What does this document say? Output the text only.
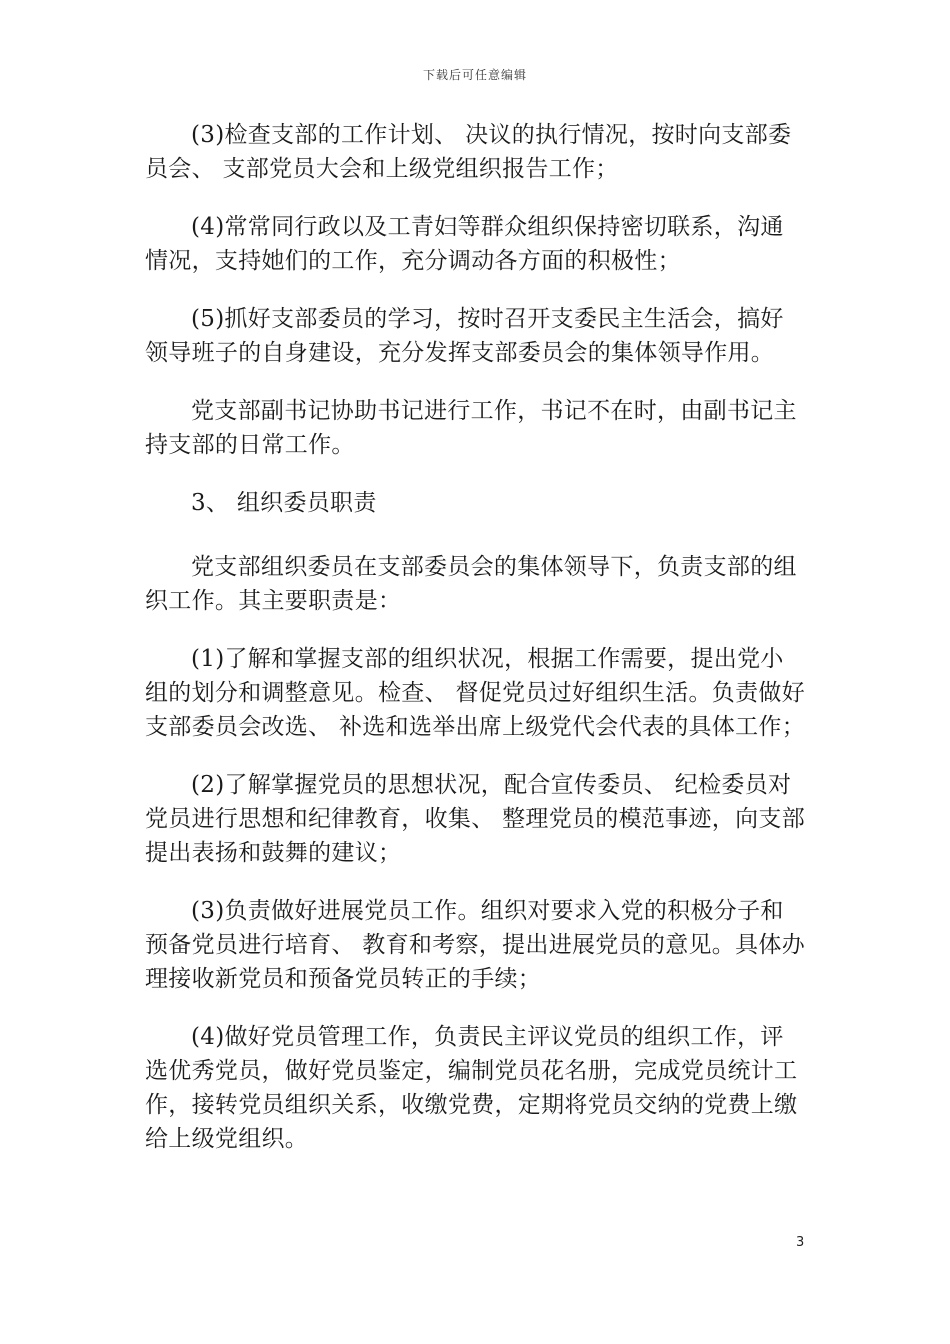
下载后可任意编辑

(3)检查支部的工作计划、 决议的执行情况，按时向支部委员会、 支部党员大会和上级党组织报告工作；

(4)常常同行政以及工青妇等群众组织保持密切联系，沟通情况，支持她们的工作，充分调动各方面的积极性；

(5)抓好支部委员的学习，按时召开支委民主生活会，搞好领导班子的自身建设，充分发挥支部委员会的集体领导作用。

党支部副书记协助书记进行工作，书记不在时，由副书记主持支部的日常工作。

3、 组织委员职责

党支部组织委员在支部委员会的集体领导下，负责支部的组织工作。其主要职责是：

(1)了解和掌握支部的组织状况，根据工作需要，提出党小组的划分和调整意见。检查、 督促党员过好组织生活。负责做好支部委员会改选、 补选和选举出席上级党代会代表的具体工作；

(2)了解掌握党员的思想状况，配合宣传委员、 纪检委员对党员进行思想和纪律教育，收集、 整理党员的模范事迹，向支部提出表扬和鼓舞的建议；

(3)负责做好进展党员工作。组织对要求入党的积极分子和预备党员进行培育、 教育和考察，提出进展党员的意见。具体办理接收新党员和预备党员转正的手续；

(4)做好党员管理工作，负责民主评议党员的组织工作，评选优秀党员，做好党员鉴定，编制党员花名册，完成党员统计工作，接转党员组织关系，收缴党费，定期将党员交纳的党费上缴给上级党组织。

3
